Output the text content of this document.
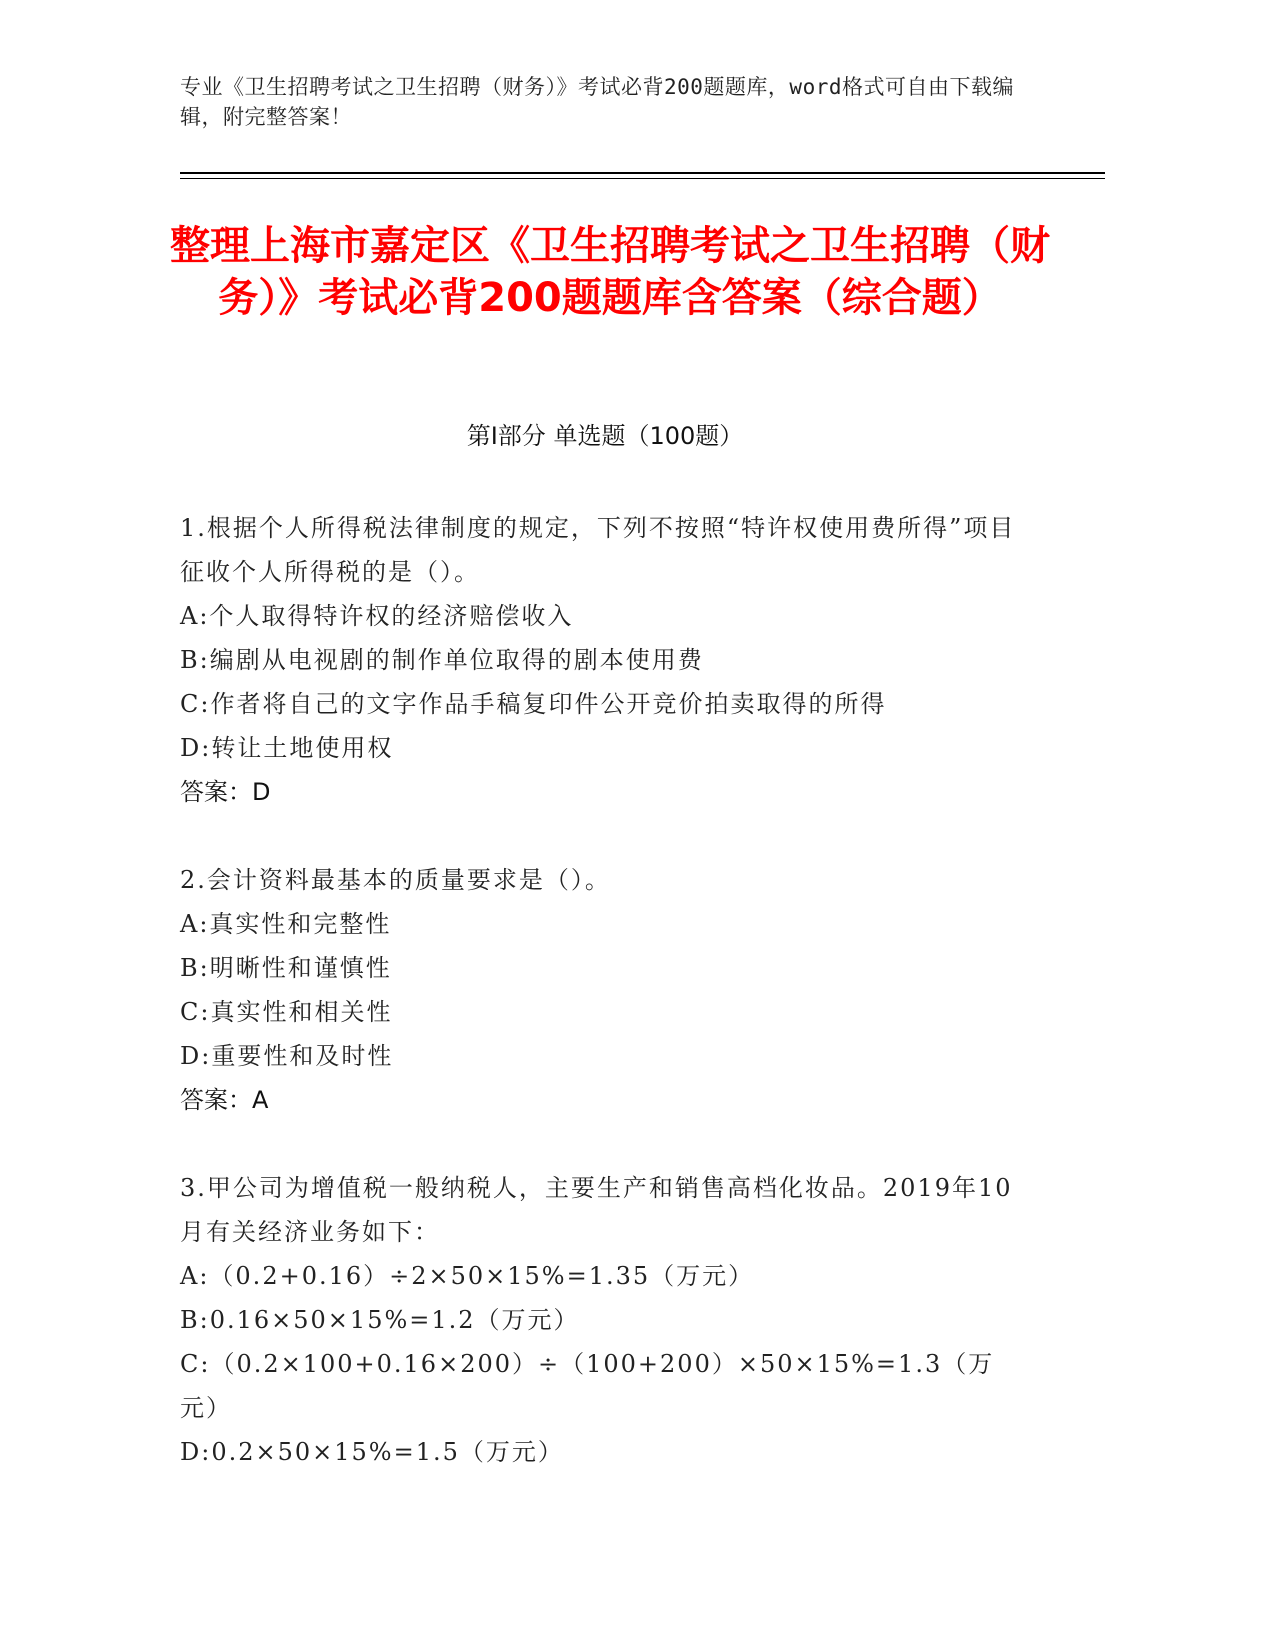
专业《卫生招聘考试之卫生招聘（财务）》考试必背200题题库，word格式可自由下载编辑，附完整答案！
整理上海市嘉定区《卫生招聘考试之卫生招聘（财务）》考试必背200题题库含答案（综合题）
第Ⅰ部分 单选题（100题）
1.根据个人所得税法律制度的规定，下列不按照“特许权使用费所得”项目征收个人所得税的是（）。
A:个人取得特许权的经济赔偿收入
B:编剧从电视剧的制作单位取得的剧本使用费
C:作者将自己的文字作品手稿复印件公开竞价拍卖取得的所得
D:转让土地使用权
答案：D
2.会计资料最基本的质量要求是（）。
A:真实性和完整性
B:明晰性和谨慎性
C:真实性和相关性
D:重要性和及时性
答案：A
3.甲公司为增值税一般纳税人，主要生产和销售高档化妆品。2019年10月有关经济业务如下：
A:（0.2+0.16）÷2×50×15%=1.35（万元）
B:0.16×50×15%=1.2（万元）
C:（0.2×100+0.16×200）÷（100+200）×50×15%=1.3（万元）
D:0.2×50×15%=1.5（万元）
